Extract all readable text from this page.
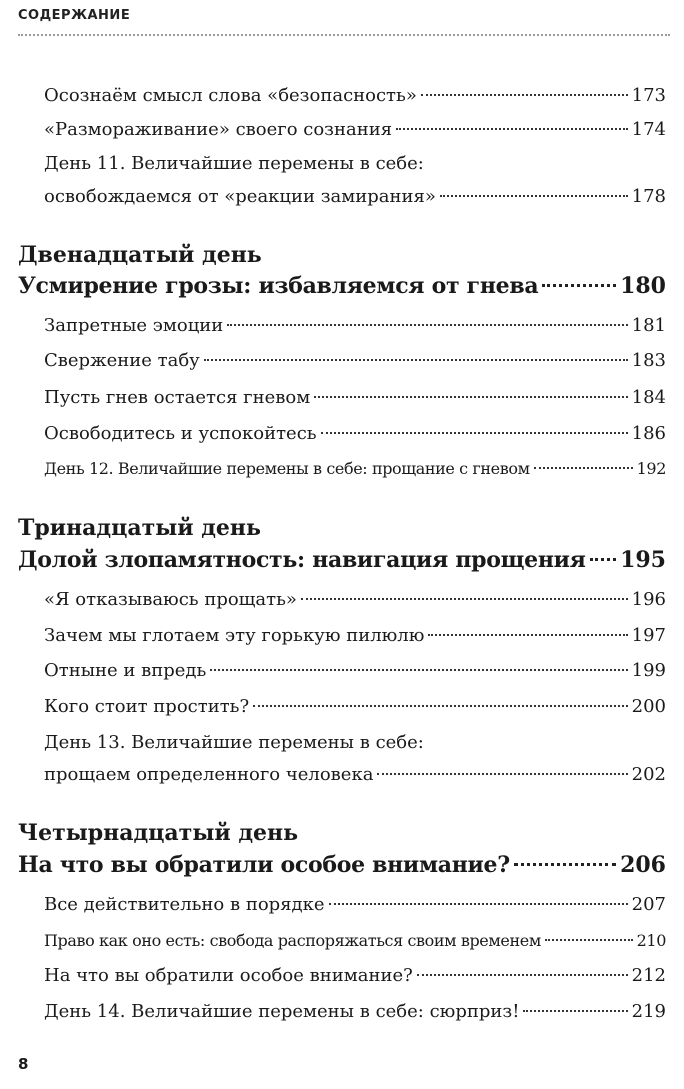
СОДЕРЖАНИЕ
Осознаём смысл слова «безопасность»	173
«Размораживание» своего сознания	174
День 11. Величайшие перемены в себе:
освобождаемся от «реакции замирания»	178
Двенадцатый день
Усмирение грозы: избавляемся от гнева	180
Запретные эмоции	181
Свержение табу	183
Пусть гнев остается гневом	184
Освободитесь и успокойтесь	186
День 12. Величайшие перемены в себе: прощание с гневом	192
Тринадцатый день
Долой злопамятность: навигация прощения 195
«Я отказываюсь прощать»	196
Зачем мы глотаем эту горькую пилюлю	197
Отныне и впредь	199
Кого стоит простить?	200
День 13. Величайшие перемены в себе:
прощаем определенного человека	202
Четырнадцатый день
На что вы обратили особое внимание?	206
Все действительно в порядке	207
Право как оно есть: свобода распоряжаться своим временем	210
На что вы обратили особое внимание?	212
День 14. Величайшие перемены в себе: сюрприз!	219
8
